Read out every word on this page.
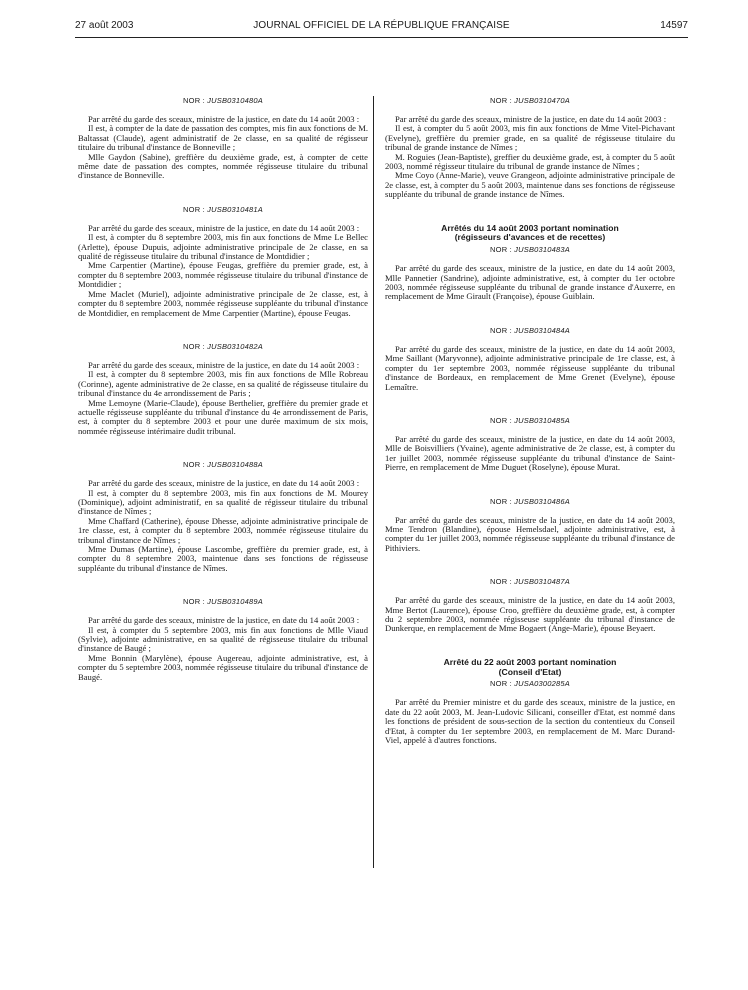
27 août 2003	JOURNAL OFFICIEL DE LA RÉPUBLIQUE FRANÇAISE	14597
NOR : JUSB0310480A

Par arrêté du garde des sceaux, ministre de la justice, en date du 14 août 2003 :

Il est, à compter de la date de passation des comptes, mis fin aux fonctions de M. Baltassat (Claude), agent administratif de 2e classe, en sa qualité de régisseur titulaire du tribunal d'instance de Bonneville ;

Mlle Gaydon (Sabine), greffière du deuxième grade, est, à compter de cette même date de passation des comptes, nommée régisseuse titulaire du tribunal d'instance de Bonneville.

NOR : JUSB0310481A

Par arrêté du garde des sceaux, ministre de la justice, en date du 14 août 2003 :

Il est, à compter du 8 septembre 2003, mis fin aux fonctions de Mme Le Bellec (Arlette), épouse Dupuis, adjointe administrative principale de 2e classe, en sa qualité de régisseuse titulaire du tribunal d'instance de Montdidier ;

Mme Carpentier (Martine), épouse Feugas, greffière du premier grade, est, à compter du 8 septembre 2003, nommée régisseuse titulaire du tribunal d'instance de Montdidier ;

Mme Maclet (Muriel), adjointe administrative principale de 2e classe, est, à compter du 8 septembre 2003, nommée régisseuse suppléante du tribunal d'instance de Montdidier, en remplacement de Mme Carpentier (Martine), épouse Feugas.

NOR : JUSB0310482A

Par arrêté du garde des sceaux, ministre de la justice, en date du 14 août 2003 :

Il est, à compter du 8 septembre 2003, mis fin aux fonctions de Mlle Robreau (Corinne), agente administrative de 2e classe, en sa qualité de régisseuse titulaire du tribunal d'instance du 4e arrondissement de Paris ;

Mme Lemoyne (Marie-Claude), épouse Berthelier, greffière du premier grade et actuelle régisseuse suppléante du tribunal d'instance du 4e arrondissement de Paris, est, à compter du 8 septembre 2003 et pour une durée maximum de six mois, nommée régisseuse intérimaire dudit tribunal.

NOR : JUSB0310488A

Par arrêté du garde des sceaux, ministre de la justice, en date du 14 août 2003 :

Il est, à compter du 8 septembre 2003, mis fin aux fonctions de M. Mourey (Dominique), adjoint administratif, en sa qualité de régisseur titulaire du tribunal d'instance de Nîmes ;

Mme Chaffard (Catherine), épouse Dhesse, adjointe administrative principale de 1re classe, est, à compter du 8 septembre 2003, nommée régisseuse titulaire du tribunal d'instance de Nîmes ;

Mme Dumas (Martine), épouse Lascombe, greffière du premier grade, est, à compter du 8 septembre 2003, maintenue dans ses fonctions de régisseuse suppléante du tribunal d'instance de Nîmes.

NOR : JUSB0310489A

Par arrêté du garde des sceaux, ministre de la justice, en date du 14 août 2003 :

Il est, à compter du 5 septembre 2003, mis fin aux fonctions de Mlle Viaud (Sylvie), adjointe administrative, en sa qualité de régisseuse titulaire du tribunal d'instance de Baugé ;

Mme Bonnin (Marylène), épouse Augereau, adjointe administrative, est, à compter du 5 septembre 2003, nommée régisseuse titulaire du tribunal d'instance de Baugé.

NOR : JUSB0310470A

Par arrêté du garde des sceaux, ministre de la justice, en date du 14 août 2003 :

Il est, à compter du 5 août 2003, mis fin aux fonctions de Mme Vitel-Pichavant (Evelyne), greffière du premier grade, en sa qualité de régisseuse titulaire du tribunal de grande instance de Nîmes ;

M. Roguies (Jean-Baptiste), greffier du deuxième grade, est, à compter du 5 août 2003, nommé régisseur titulaire du tribunal de grande instance de Nîmes ;

Mme Coyo (Anne-Marie), veuve Grangeon, adjointe administrative principale de 2e classe, est, à compter du 5 août 2003, maintenue dans ses fonctions de régisseuse suppléante du tribunal de grande instance de Nîmes.

Arrêtés du 14 août 2003 portant nomination
(régisseurs d'avances et de recettes)
NOR : JUSB0310483A

Par arrêté du garde des sceaux, ministre de la justice, en date du 14 août 2003, Mlle Pannetier (Sandrine), adjointe administrative, est, à compter du 1er octobre 2003, nommée régisseuse suppléante du tribunal de grande instance d'Auxerre, en remplacement de Mme Girault (Françoise), épouse Guiblain.

NOR : JUSB0310484A

Par arrêté du garde des sceaux, ministre de la justice, en date du 14 août 2003, Mme Saillant (Maryvonne), adjointe administrative principale de 1re classe, est, à compter du 1er septembre 2003, nommée régisseuse suppléante du tribunal d'instance de Bordeaux, en remplacement de Mme Grenet (Evelyne), épouse Lemaître.

NOR : JUSB0310485A

Par arrêté du garde des sceaux, ministre de la justice, en date du 14 août 2003, Mlle de Boisvilliers (Yvaine), agente administrative de 2e classe, est, à compter du 1er juillet 2003, nommée régisseuse suppléante du tribunal d'instance de Saint-Pierre, en remplacement de Mme Duguet (Roselyne), épouse Murat.

NOR : JUSB0310486A

Par arrêté du garde des sceaux, ministre de la justice, en date du 14 août 2003, Mme Tendron (Blandine), épouse Hemelsdael, adjointe administrative, est, à compter du 1er juillet 2003, nommée régisseuse suppléante du tribunal d'instance de Pithiviers.

NOR : JUSB0310487A

Par arrêté du garde des sceaux, ministre de la justice, en date du 14 août 2003, Mme Bertot (Laurence), épouse Croo, greffière du deuxième grade, est, à compter du 2 septembre 2003, nommée régisseuse suppléante du tribunal d'instance de Dunkerque, en remplacement de Mme Bogaert (Ange-Marie), épouse Beyaert.

Arrêté du 22 août 2003 portant nomination
(Conseil d'Etat)
NOR : JUSA0300285A

Par arrêté du Premier ministre et du garde des sceaux, ministre de la justice, en date du 22 août 2003, M. Jean-Ludovic Silicani, conseiller d'Etat, est nommé dans les fonctions de président de sous-section de la section du contentieux du Conseil d'Etat, à compter du 1er septembre 2003, en remplacement de M. Marc Durand-Viel, appelé à d'autres fonctions.
